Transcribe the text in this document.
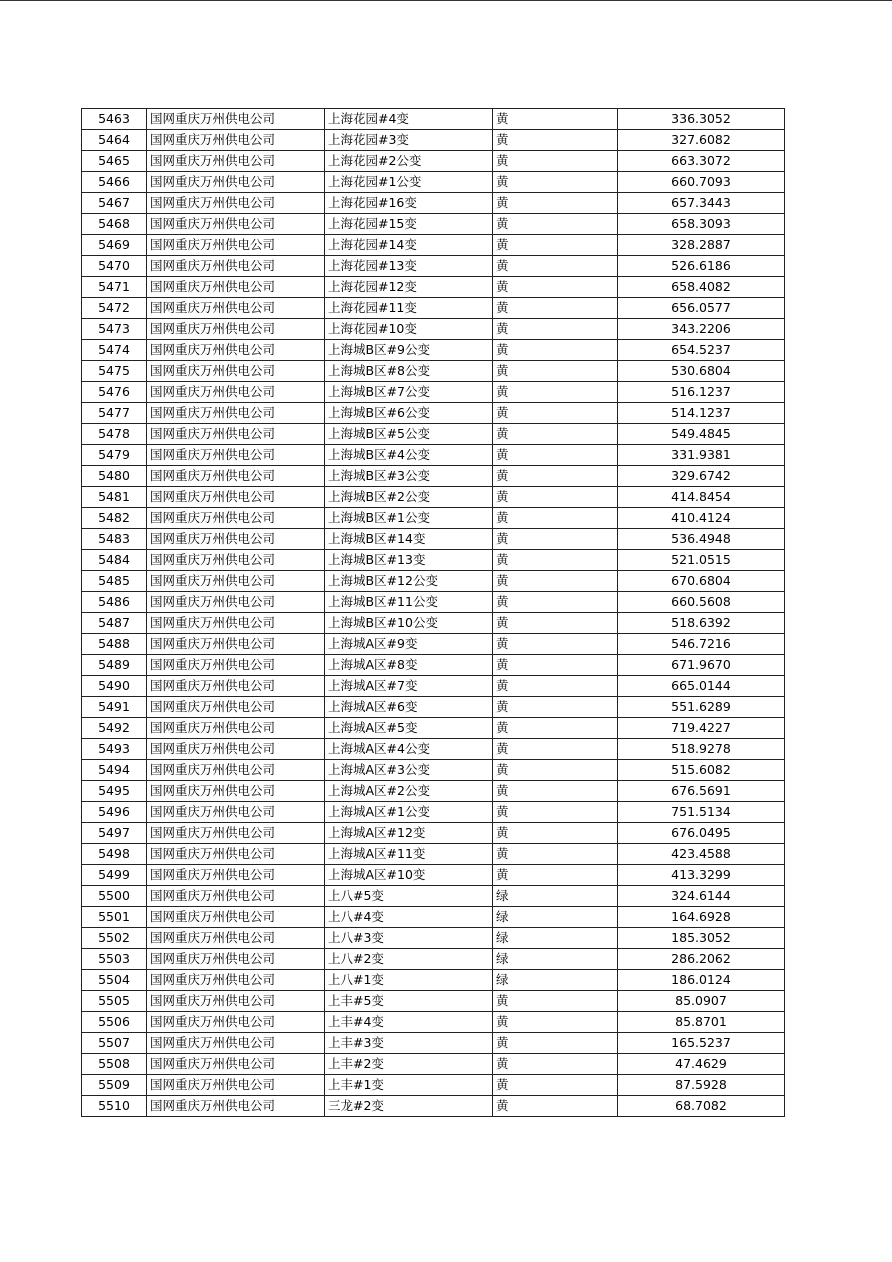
5463	国网重庆万州供电公司	上海花园#4变	黄	336.3052
5464	国网重庆万州供电公司	上海花园#3变	黄	327.6082
5465	国网重庆万州供电公司	上海花园#2公变	黄	663.3072
5466	国网重庆万州供电公司	上海花园#1公变	黄	660.7093
5467	国网重庆万州供电公司	上海花园#16变	黄	657.3443
5468	国网重庆万州供电公司	上海花园#15变	黄	658.3093
5469	国网重庆万州供电公司	上海花园#14变	黄	328.2887
5470	国网重庆万州供电公司	上海花园#13变	黄	526.6186
5471	国网重庆万州供电公司	上海花园#12变	黄	658.4082
5472	国网重庆万州供电公司	上海花园#11变	黄	656.0577
5473	国网重庆万州供电公司	上海花园#10变	黄	343.2206
5474	国网重庆万州供电公司	上海城B区#9公变	黄	654.5237
5475	国网重庆万州供电公司	上海城B区#8公变	黄	530.6804
5476	国网重庆万州供电公司	上海城B区#7公变	黄	516.1237
5477	国网重庆万州供电公司	上海城B区#6公变	黄	514.1237
5478	国网重庆万州供电公司	上海城B区#5公变	黄	549.4845
5479	国网重庆万州供电公司	上海城B区#4公变	黄	331.9381
5480	国网重庆万州供电公司	上海城B区#3公变	黄	329.6742
5481	国网重庆万州供电公司	上海城B区#2公变	黄	414.8454
5482	国网重庆万州供电公司	上海城B区#1公变	黄	410.4124
5483	国网重庆万州供电公司	上海城B区#14变	黄	536.4948
5484	国网重庆万州供电公司	上海城B区#13变	黄	521.0515
5485	国网重庆万州供电公司	上海城B区#12公变	黄	670.6804
5486	国网重庆万州供电公司	上海城B区#11公变	黄	660.5608
5487	国网重庆万州供电公司	上海城B区#10公变	黄	518.6392
5488	国网重庆万州供电公司	上海城A区#9变	黄	546.7216
5489	国网重庆万州供电公司	上海城A区#8变	黄	671.9670
5490	国网重庆万州供电公司	上海城A区#7变	黄	665.0144
5491	国网重庆万州供电公司	上海城A区#6变	黄	551.6289
5492	国网重庆万州供电公司	上海城A区#5变	黄	719.4227
5493	国网重庆万州供电公司	上海城A区#4公变	黄	518.9278
5494	国网重庆万州供电公司	上海城A区#3公变	黄	515.6082
5495	国网重庆万州供电公司	上海城A区#2公变	黄	676.5691
5496	国网重庆万州供电公司	上海城A区#1公变	黄	751.5134
5497	国网重庆万州供电公司	上海城A区#12变	黄	676.0495
5498	国网重庆万州供电公司	上海城A区#11变	黄	423.4588
5499	国网重庆万州供电公司	上海城A区#10变	黄	413.3299
5500	国网重庆万州供电公司	上八#5变	绿	324.6144
5501	国网重庆万州供电公司	上八#4变	绿	164.6928
5502	国网重庆万州供电公司	上八#3变	绿	185.3052
5503	国网重庆万州供电公司	上八#2变	绿	286.2062
5504	国网重庆万州供电公司	上八#1变	绿	186.0124
5505	国网重庆万州供电公司	上丰#5变	黄	85.0907
5506	国网重庆万州供电公司	上丰#4变	黄	85.8701
5507	国网重庆万州供电公司	上丰#3变	黄	165.5237
5508	国网重庆万州供电公司	上丰#2变	黄	47.4629
5509	国网重庆万州供电公司	上丰#1变	黄	87.5928
5510	国网重庆万州供电公司	三龙#2变	黄	68.7082
